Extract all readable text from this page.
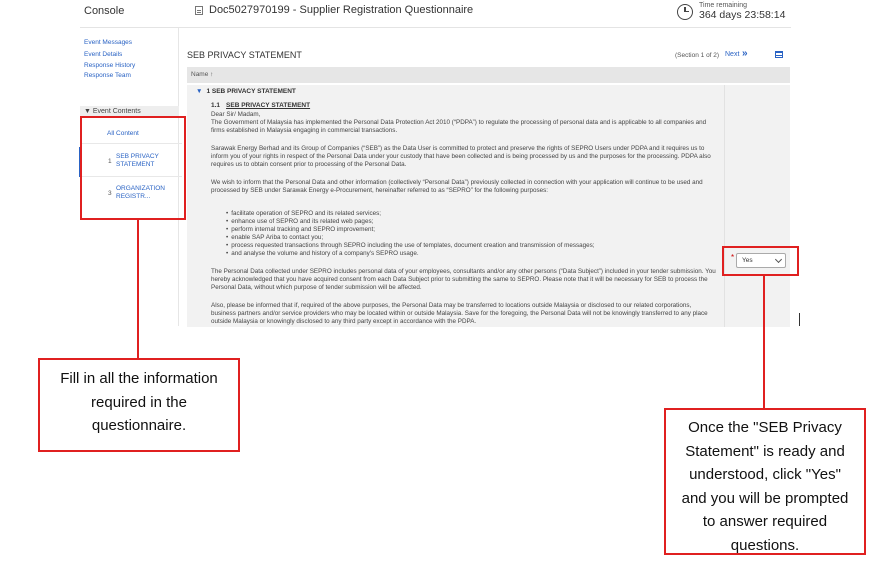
Console	Doc5027970199 - Supplier Registration Questionnaire	Time remaining
364 days 23:58:14
Event Messages
Event Details
Response History
Response Team
▼ Event Contents
All Content
1
SEB PRIVACY
STATEMENT
3
ORGANIZATION
REGISTR...
SEB PRIVACY STATEMENT	(Section 1 of 2) Next »
Name ↑
▼ 1 SEB PRIVACY STATEMENT
1.1 SEB PRIVACY STATEMENT
Dear Sir/ Madam,
The Government of Malaysia has implemented the Personal Data Protection Act 2010 (“PDPA”) to regulate the processing of personal data and is applicable to all companies and firms established in Malaysia engaging in commercial transactions.
Sarawak Energy Berhad and its Group of Companies (“SEB”) as the Data User is committed to protect and preserve the rights of SEPRO Users under PDPA and it requires us to inform you of your rights in respect of the Personal Data under your custody that have been collected and is being processed by us and the purposes for the processing. PDPA also requires us to obtain consent prior to processing of the Personal Data.
We wish to inform that the Personal Data and other information (collectively “Personal Data”) previously collected in connection with your application will continue to be used and processed by SEB under Sarawak Energy e-Procurement, hereinafter referred to as “SEPRO” for the following purposes:
• facilitate operation of SEPRO and its related services;
• enhance use of SEPRO and its related web pages;
• perform internal tracking and SEPRO improvement;
• enable SAP Ariba to contact you;
• process requested transactions through SEPRO including the use of templates, document creation and transmission of messages;
• and analyse the volume and history of a company's SEPRO usage.
The Personal Data collected under SEPRO includes personal data of your employees, consultants and/or any other persons (“Data Subject”) included in your tender submission. You hereby acknowledged that you have acquired consent from each Data Subject prior to submitting the same to SEPRO. Please note that it will be necessary for SEB to process the Personal Data, without which purpose of tender submission will be affected.
Also, please be informed that if, required of the above purposes, the Personal Data may be transferred to locations outside Malaysia or disclosed to our related corporations, business partners and/or service providers who may be located within or outside Malaysia. Save for the foregoing, the Personal Data will not be knowingly transferred to any place outside Malaysia or knowingly disclosed to any third party except in accordance with the PDPA.
*	Yes
Fill in all the information required in the questionnaire.	Once the "SEB Privacy Statement" is ready and understood, click "Yes" and you will be prompted to answer required questions.
